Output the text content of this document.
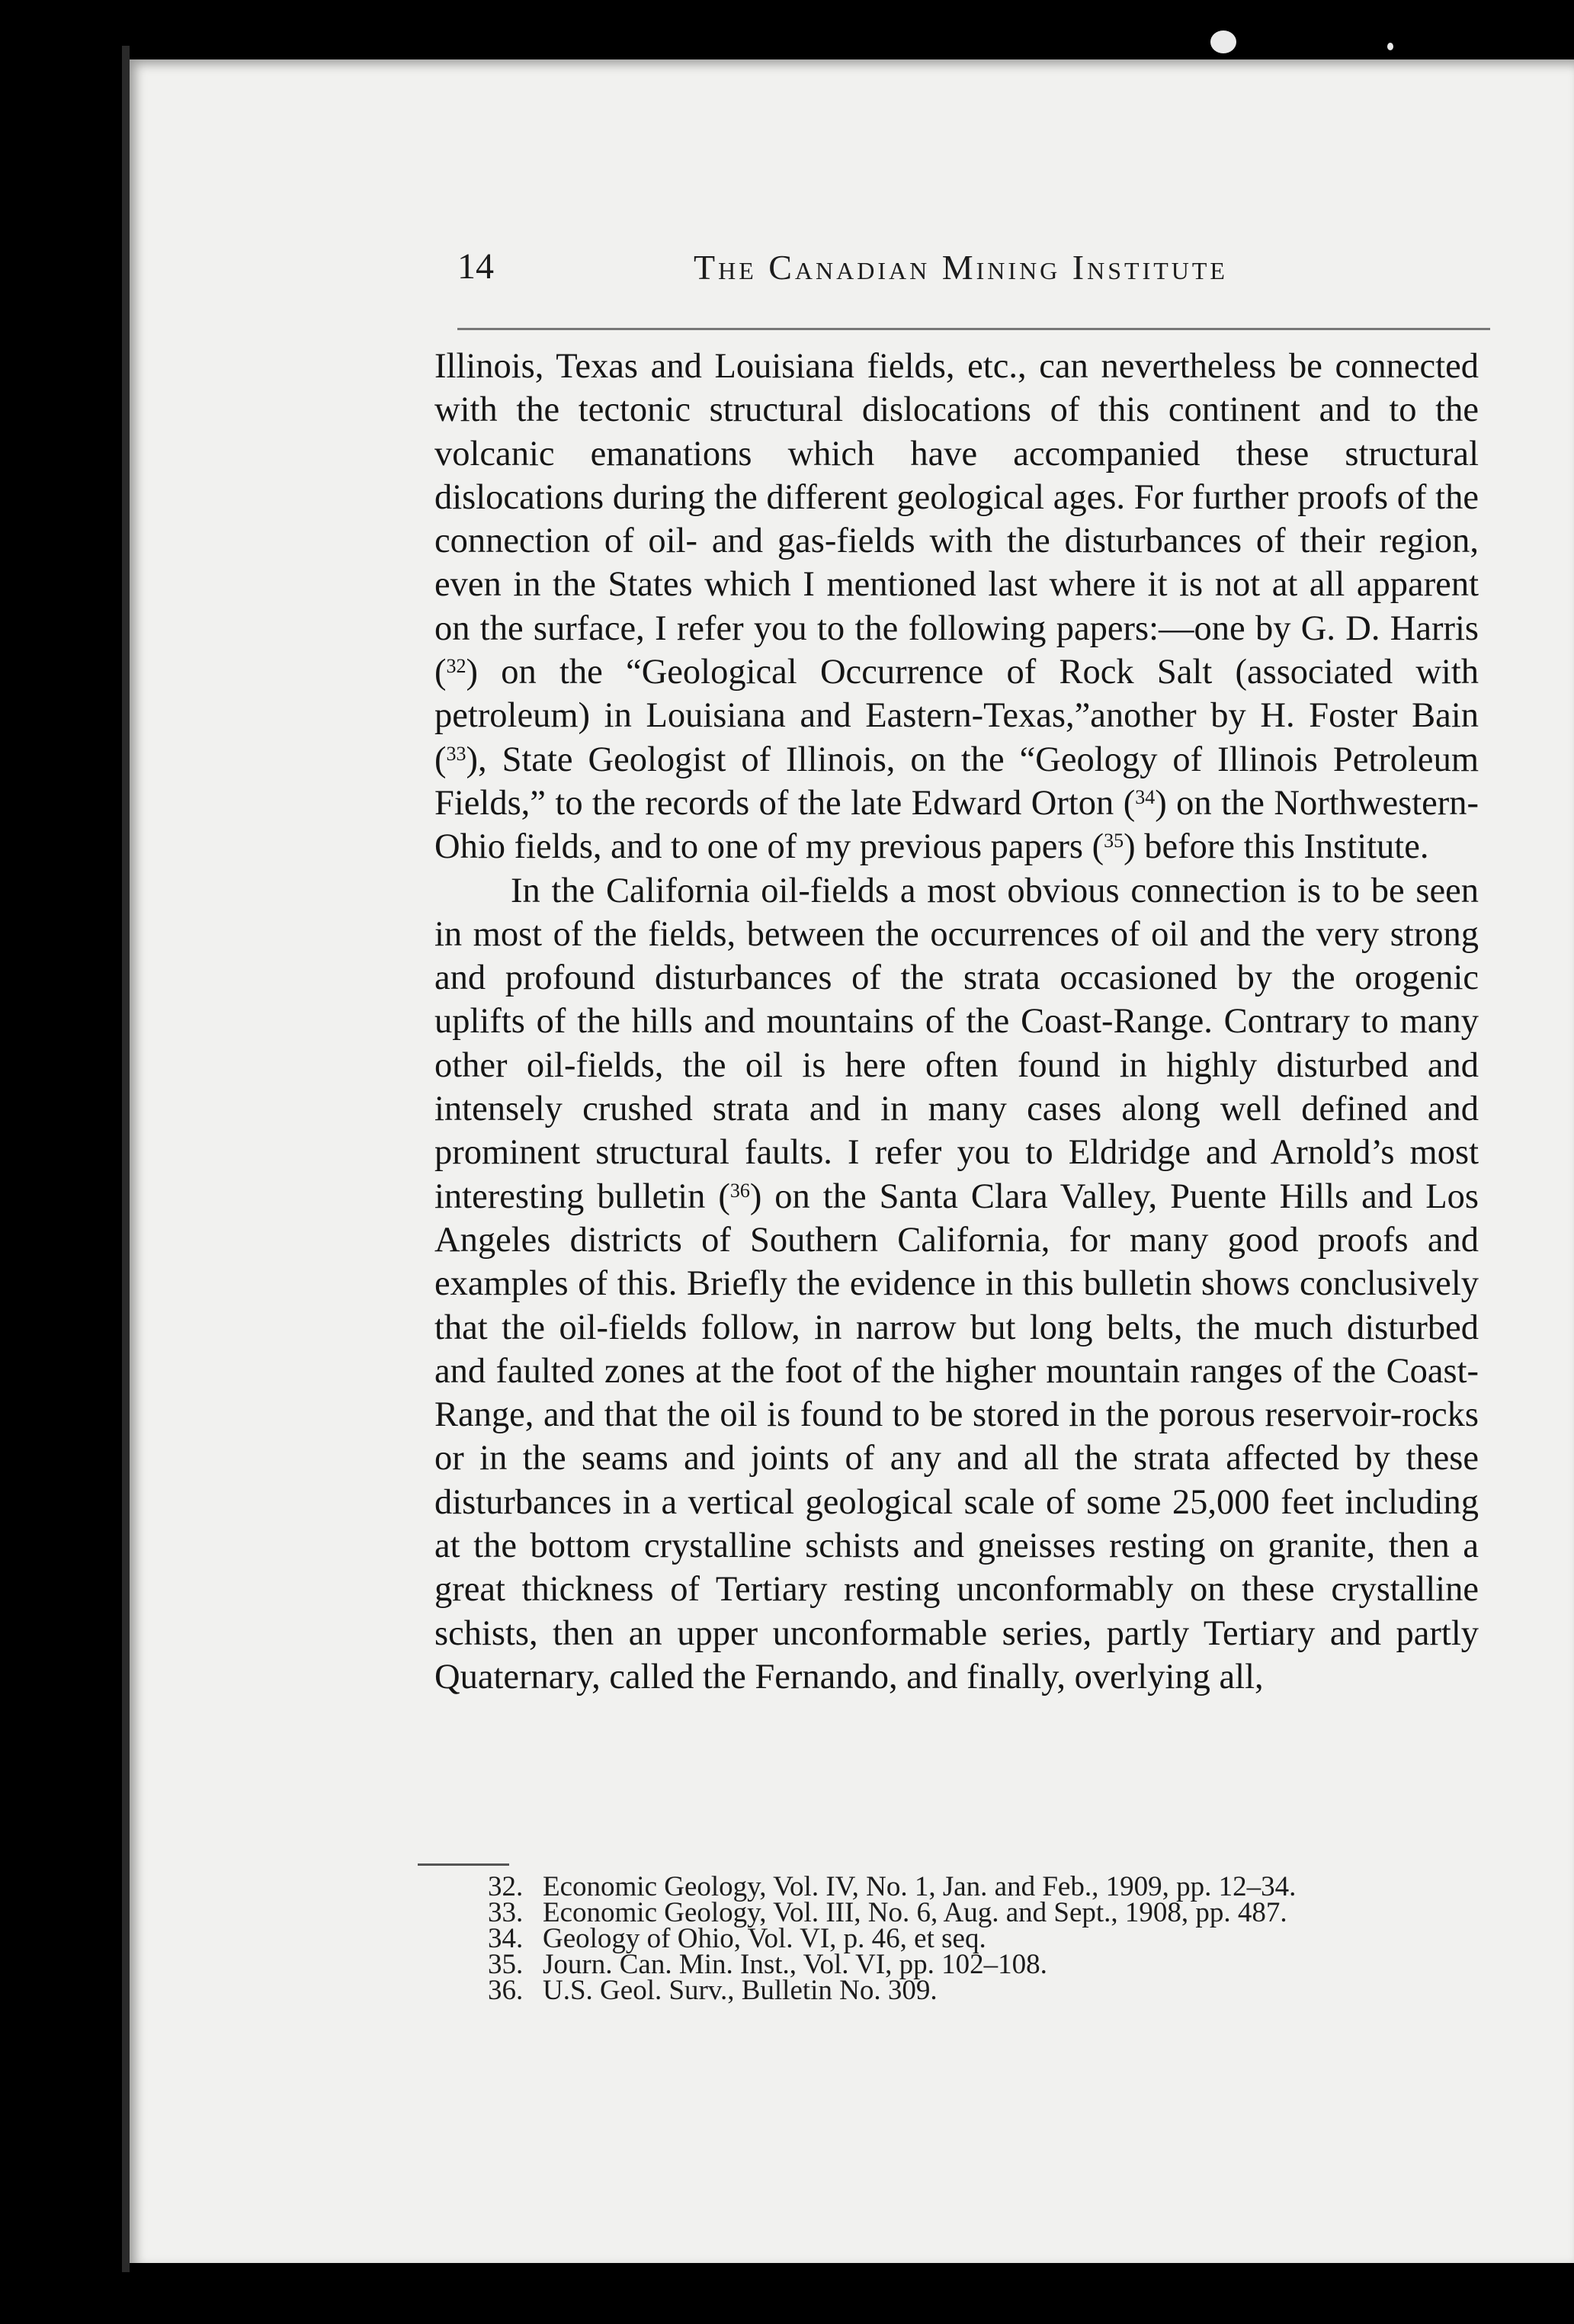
14	The Canadian Mining Institute

Illinois, Texas and Louisiana fields, etc., can nevertheless be connected with the tectonic structural dislocations of this continent and to the volcanic emanations which have accompanied these structural dislocations during the different geological ages. For further proofs of the connection of oil- and gas-fields with the disturbances of their region, even in the States which I mentioned last where it is not at all apparent on the surface, I refer you to the following papers:—one by G. D. Harris ($^{32}$) on the “Geological Occurrence of Rock Salt (associated with petroleum) in Louisiana and Eastern-Texas,”another by H. Foster Bain ($^{33}$), State Geologist of Illinois, on the “Geology of Illinois Petroleum Fields,” to the records of the late Edward Orton ($^{34}$) on the Northwestern-Ohio fields, and to one of my previous papers ($^{35}$) before this Institute.

In the California oil-fields a most obvious connection is to be seen in most of the fields, between the occurrences of oil and the very strong and profound disturbances of the strata occasioned by the orogenic uplifts of the hills and mountains of the Coast-Range. Contrary to many other oil-fields, the oil is here often found in highly disturbed and intensely crushed strata and in many cases along well defined and prominent structural faults. I refer you to Eldridge and Arnold’s most interesting bulletin ($^{36}$) on the Santa Clara Valley, Puente Hills and Los Angeles districts of Southern California, for many good proofs and examples of this. Briefly the evidence in this bulletin shows conclusively that the oil-fields follow, in narrow but long belts, the much disturbed and faulted zones at the foot of the higher mountain ranges of the Coast-Range, and that the oil is found to be stored in the porous reservoir-rocks or in the seams and joints of any and all the strata affected by these disturbances in a vertical geological scale of some 25,000 feet including at the bottom crystalline schists and gneisses resting on granite, then a great thickness of Tertiary resting unconformably on these crystalline schists, then an upper unconformable series, partly Tertiary and partly Quaternary, called the Fernando, and finally, overlying all,

32. Economic Geology, Vol. IV, No. 1, Jan. and Feb., 1909, pp. 12–34.
33. Economic Geology, Vol. III, No. 6, Aug. and Sept., 1908, pp. 487.
34. Geology of Ohio, Vol. VI, p. 46, et seq.
35. Journ. Can. Min. Inst., Vol. VI, pp. 102–108.
36. U.S. Geol. Surv., Bulletin No. 309.
